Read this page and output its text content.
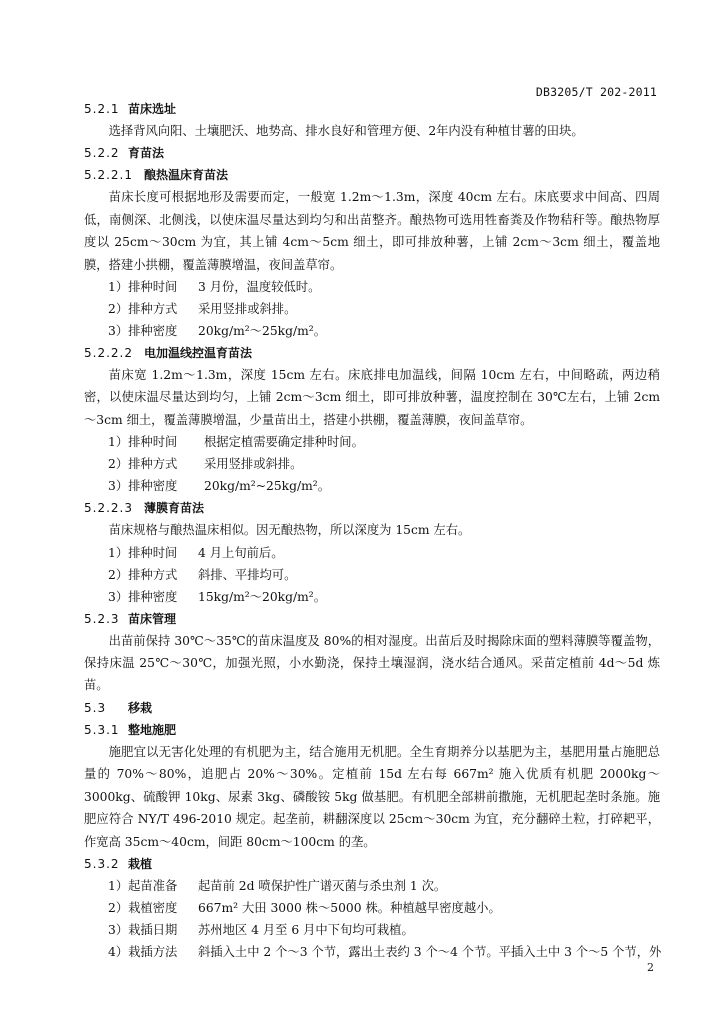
DB3205/T 202-2011
5.2.1 苗床选址

选择背风向阳、土壤肥沃、地势高、排水良好和管理方便、2年内没有种植甘薯的田块。

5.2.2 育苗法
5.2.2.1 酿热温床育苗法

苗床长度可根据地形及需要而定，一般宽 1.2m～1.3m，深度 40cm 左右。床底要求中间高、四周低，南侧深、北侧浅，以使床温尽量达到均匀和出苗整齐。酿热物可选用牲畜粪及作物秸秆等。酿热物厚度以 25cm～30cm 为宜，其上铺 4cm～5cm 细土，即可排放种薯，上铺 2cm～3cm 细土，覆盖地膜，搭建小拱棚，覆盖薄膜增温，夜间盖草帘。

1）排种时间 3 月份，温度较低时。
2）排种方式 采用竖排或斜排。
3）排种密度 20kg/m²～25kg/m²。
5.2.2.2 电加温线控温育苗法

苗床宽 1.2m～1.3m，深度 15cm 左右。床底排电加温线，间隔 10cm 左右，中间略疏，两边稍密，以使床温尽量达到均匀，上铺 2cm～3cm 细土，即可排放种薯，温度控制在 30℃左右，上铺 2cm～3cm 细土，覆盖薄膜增温，少量苗出土，搭建小拱棚，覆盖薄膜，夜间盖草帘。

1）排种时间 根据定植需要确定排种时间。
2）排种方式 采用竖排或斜排。
3）排种密度 20kg/m²~25kg/m²。
5.2.2.3 薄膜育苗法

苗床规格与酿热温床相似。因无酿热物，所以深度为 15cm 左右。

1）排种时间 4 月上旬前后。
2）排种方式 斜排、平排均可。
3）排种密度 15kg/m²～20kg/m²。
5.2.3 苗床管理

出苗前保持 30℃～35℃的苗床温度及 80%的相对湿度。出苗后及时揭除床面的塑料薄膜等覆盖物，保持床温 25℃～30℃，加强光照，小水勤浇，保持土壤湿润，浇水结合通风。采苗定植前 4d～5d 炼苗。

5.3 移栽
5.3.1 整地施肥

施肥宜以无害化处理的有机肥为主，结合施用无机肥。全生育期养分以基肥为主，基肥用量占施肥总量的 70%～80%，追肥占 20%～30%。定植前 15d 左右每 667m² 施入优质有机肥 2000kg～3000kg、硫酸钾 10kg、尿素 3kg、磷酸铵 5kg 做基肥。有机肥全部耕前撒施，无机肥起垄时条施。施肥应符合 NY/T 496-2010 规定。起垄前，耕翻深度以 25cm～30cm 为宜，充分翻碎土粒，打碎耙平，作宽高 35cm～40cm，间距 80cm～100cm 的垄。

5.3.2 栽植
1）起苗准备 起苗前 2d 喷保护性广谱灭菌与杀虫剂 1 次。
2）栽植密度 667m² 大田 3000 株～5000 株。种植越早密度越小。
3）栽插日期 苏州地区 4 月至 6 月中下旬均可栽植。
4）栽插方法 斜插入土中 2 个～3 个节，露出土表约 3 个～4 个节。平插入土中 3 个～5 个节，外
2
